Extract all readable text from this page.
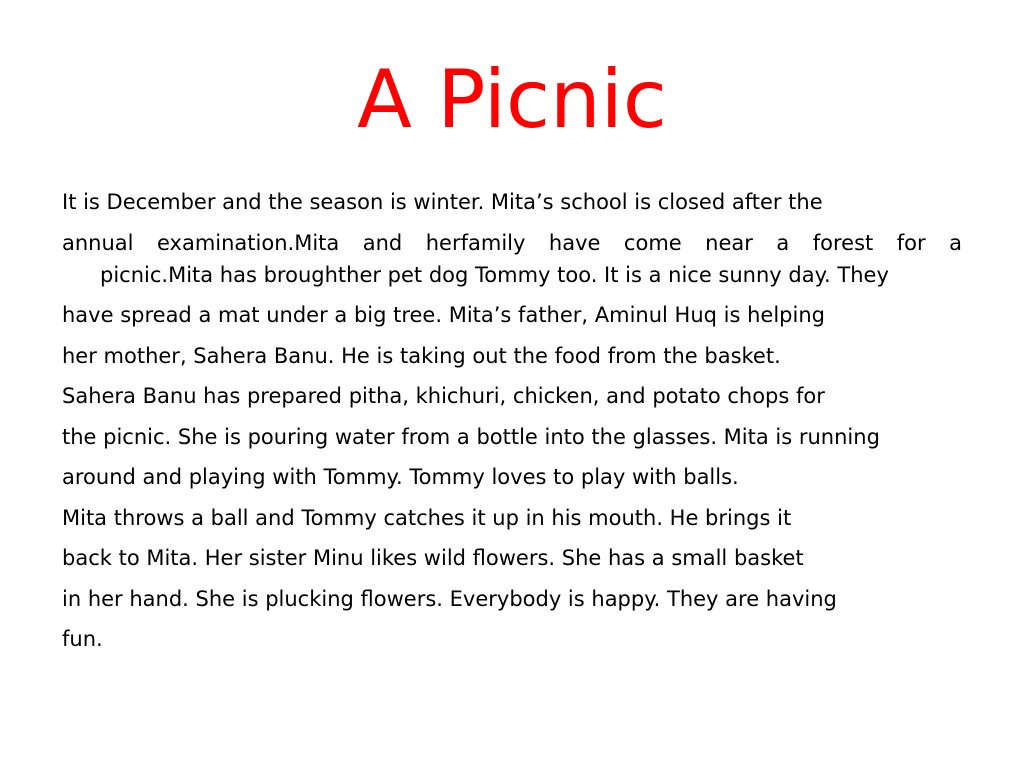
A Picnic
It is December and the season is winter. Mita’s school is closed after the
annual examination.Mita and herfamily have come near a forest for a
picnic.Mita has broughther pet dog Tommy too. It is a nice sunny day. They
have spread a mat under a big tree. Mita’s father, Aminul Huq is helping
her mother, Sahera Banu. He is taking out the food from the basket.
Sahera Banu has prepared pitha, khichuri, chicken, and potato chops for
the picnic. She is pouring water from a bottle into the glasses. Mita is running
around and playing with Tommy. Tommy loves to play with balls.
Mita throws a ball and Tommy catches it up in his mouth. He brings it
back to Mita. Her sister Minu likes wild flowers. She has a small basket
in her hand. She is plucking flowers. Everybody is happy. They are having
fun.
